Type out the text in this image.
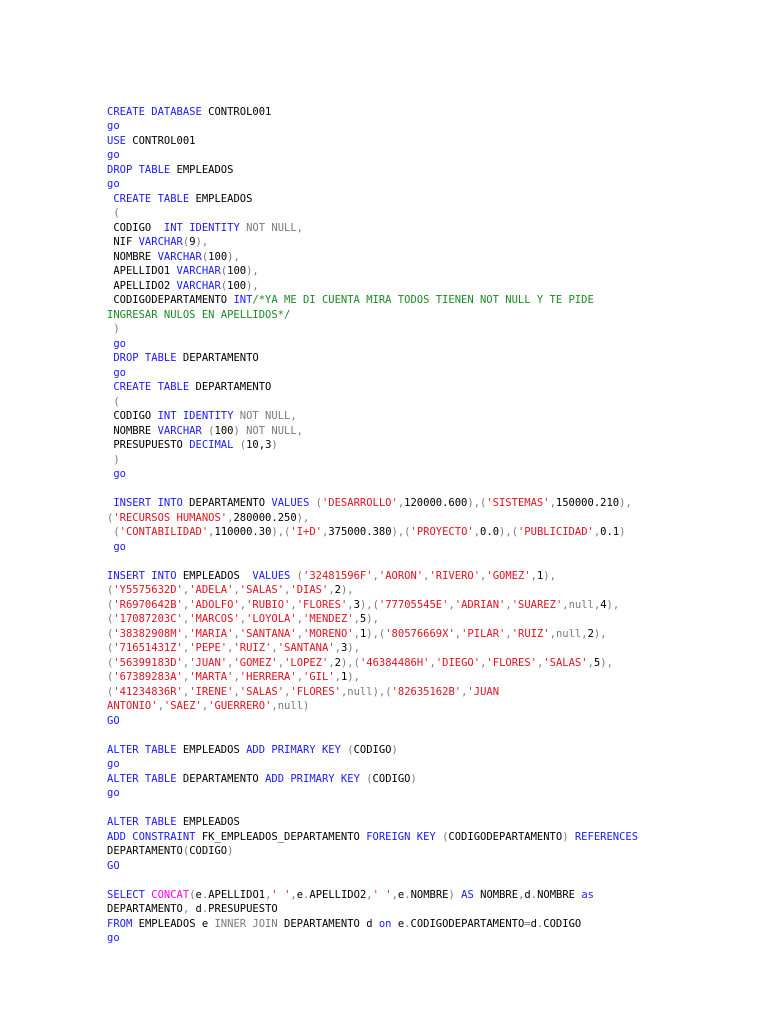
CREATE DATABASE CONTROL001
go
USE CONTROL001
go
DROP TABLE EMPLEADOS
go
CREATE TABLE EMPLEADOS
(
CODIGO  INT IDENTITY NOT NULL,
NIF VARCHAR(9),
NOMBRE VARCHAR(100),
APELLIDO1 VARCHAR(100),
APELLIDO2 VARCHAR(100),
CODIGODEPARTAMENTO INT/*YA ME DI CUENTA MIRA TODOS TIENEN NOT NULL Y TE PIDE
INGRESAR NULOS EN APELLIDOS*/
)
go
DROP TABLE DEPARTAMENTO
go
CREATE TABLE DEPARTAMENTO
(
CODIGO INT IDENTITY NOT NULL,
NOMBRE VARCHAR (100) NOT NULL,
PRESUPUESTO DECIMAL (10,3)
)
go

INSERT INTO DEPARTAMENTO VALUES ('DESARROLLO',120000.600),('SISTEMAS',150000.210),
('RECURSOS HUMANOS',280000.250),
('CONTABILIDAD',110000.30),('I+D',375000.380),('PROYECTO',0.0),('PUBLICIDAD',0.1)
go

INSERT INTO EMPLEADOS  VALUES ('32481596F','AORON','RIVERO','GOMEZ',1),
('Y5575632D','ADELA','SALAS','DIAS',2),
('R6970642B','ADOLFO','RUBIO','FLORES',3),('77705545E','ADRIAN','SUAREZ',null,4),
('17087203C','MARCOS','LOYOLA','MENDEZ',5),
('38382908M','MARIA','SANTANA','MORENO',1),('80576669X','PILAR','RUIZ',null,2),
('71651431Z','PEPE','RUIZ','SANTANA',3),
('56399183D','JUAN','GOMEZ','LOPEZ',2),('46384486H','DIEGO','FLORES','SALAS',5),
('67389283A','MARTA','HERRERA','GIL',1),
('41234836R','IRENE','SALAS','FLORES',null),('82635162B','JUAN
ANTONIO','SAEZ','GUERRERO',null)
GO

ALTER TABLE EMPLEADOS ADD PRIMARY KEY (CODIGO)
go
ALTER TABLE DEPARTAMENTO ADD PRIMARY KEY (CODIGO)
go

ALTER TABLE EMPLEADOS
ADD CONSTRAINT FK_EMPLEADOS_DEPARTAMENTO FOREIGN KEY (CODIGODEPARTAMENTO) REFERENCES
DEPARTAMENTO(CODIGO)
GO

SELECT CONCAT(e.APELLIDO1,' ',e.APELLIDO2,' ',e.NOMBRE) AS NOMBRE,d.NOMBRE as
DEPARTAMENTO, d.PRESUPUESTO
FROM EMPLEADOS e INNER JOIN DEPARTAMENTO d on e.CODIGODEPARTAMENTO=d.CODIGO
go
